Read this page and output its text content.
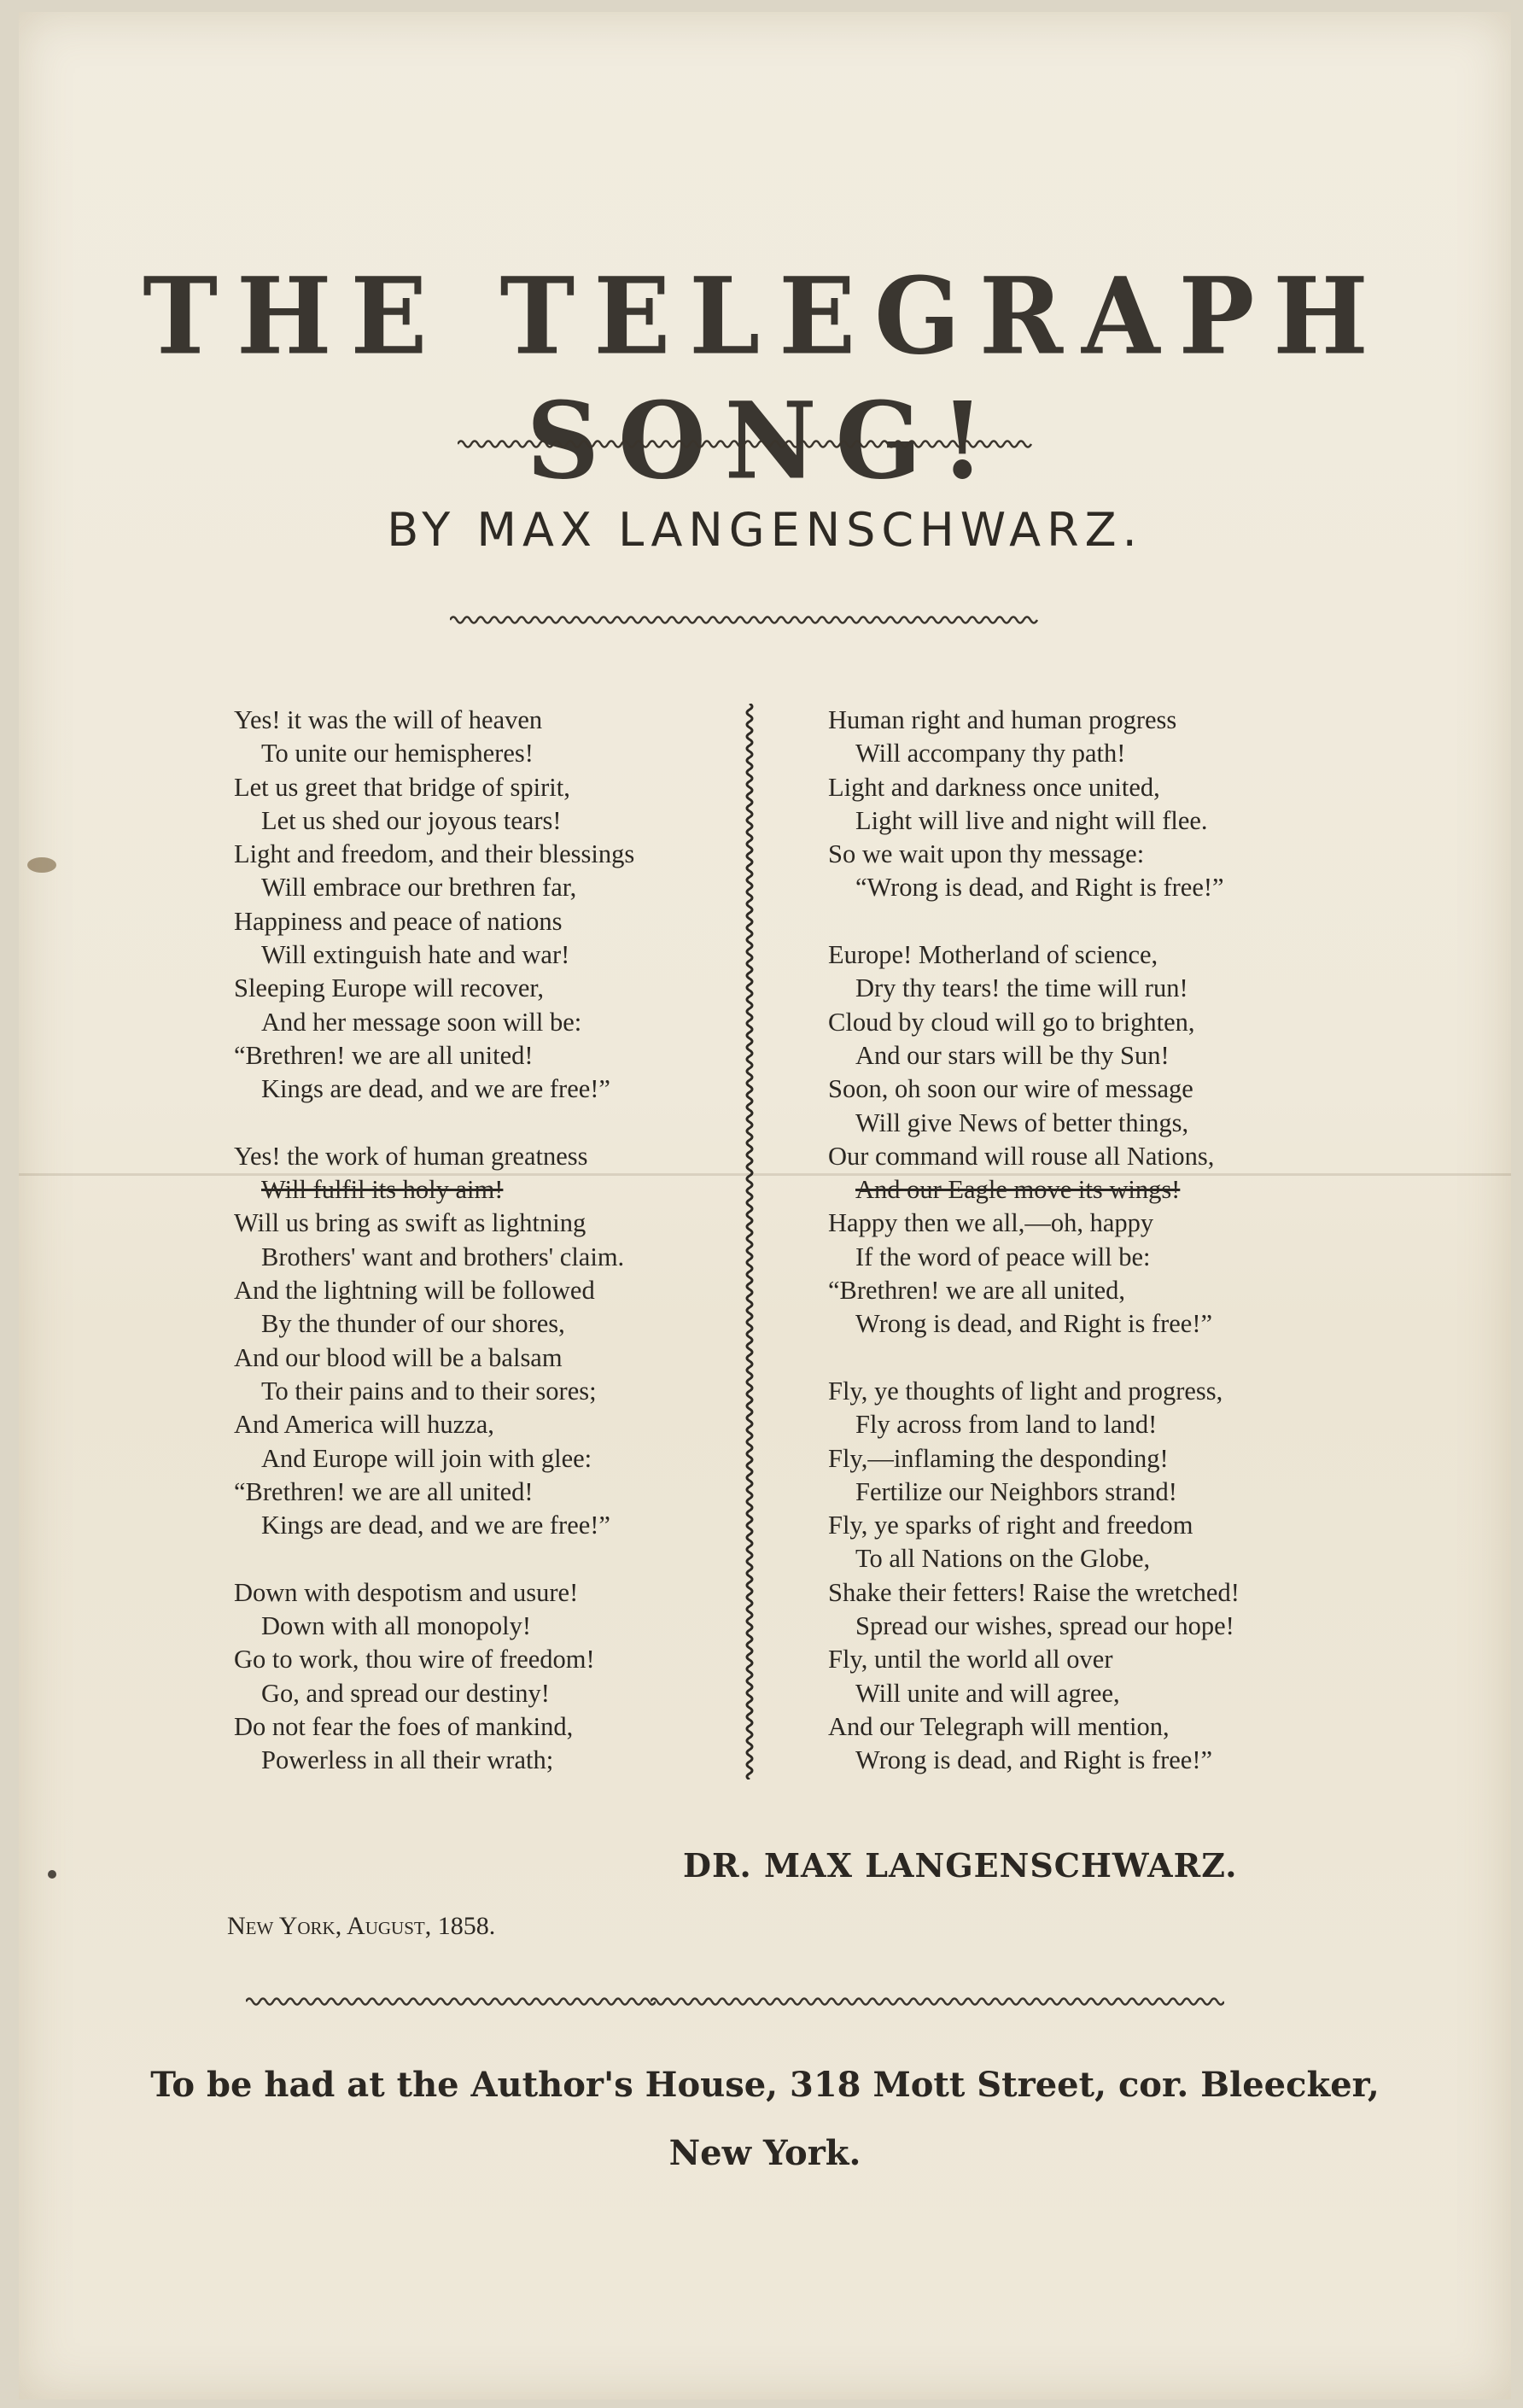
THE TELEGRAPH SONG!
BY MAX LANGENSCHWARZ.
Yes! it was the will of heaven
To unite our hemispheres!
Let us greet that bridge of spirit,
Let us shed our joyous tears!
Light and freedom, and their blessings
Will embrace our brethren far,
Happiness and peace of nations
Will extinguish hate and war!
Sleeping Europe will recover,
And her message soon will be:
“Brethren! we are all united!
Kings are dead, and we are free!”

Yes! the work of human greatness
Will fulfil its holy aim!
Will us bring as swift as lightning
Brothers' want and brothers' claim.
And the lightning will be followed
By the thunder of our shores,
And our blood will be a balsam
To their pains and to their sores;
And America will huzza,
And Europe will join with glee:
“Brethren! we are all united!
Kings are dead, and we are free!”

Down with despotism and usure!
Down with all monopoly!
Go to work, thou wire of freedom!
Go, and spread our destiny!
Do not fear the foes of mankind,
Powerless in all their wrath;
Human right and human progress
Will accompany thy path!
Light and darkness once united,
Light will live and night will flee.
So we wait upon thy message:
“Wrong is dead, and Right is free!”

Europe! Motherland of science,
Dry thy tears! the time will run!
Cloud by cloud will go to brighten,
And our stars will be thy Sun!
Soon, oh soon our wire of message
Will give News of better things,
Our command will rouse all Nations,
And our Eagle move its wings!
Happy then we all,—oh, happy
If the word of peace will be:
“Brethren! we are all united,
Wrong is dead, and Right is free!”

Fly, ye thoughts of light and progress,
Fly across from land to land!
Fly,—inflaming the desponding!
Fertilize our Neighbors strand!
Fly, ye sparks of right and freedom
To all Nations on the Globe,
Shake their fetters! Raise the wretched!
Spread our wishes, spread our hope!
Fly, until the world all over
Will unite and will agree,
And our Telegraph will mention,
Wrong is dead, and Right is free!”
DR. MAX LANGENSCHWARZ.
New York, August, 1858.
To be had at the Author's House, 318 Mott Street, cor. Bleecker,
New York.
